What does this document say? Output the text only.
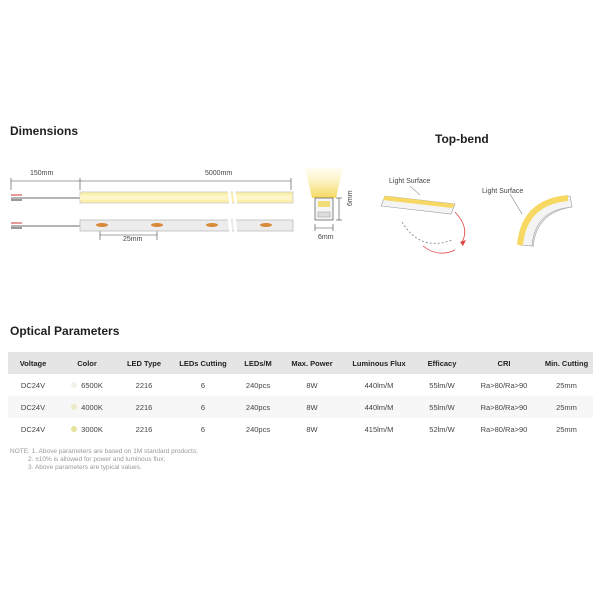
Dimensions
150mm	5000mm
25mm	6mm
6mm
Top-bend
Light Surface
Light Surface
Optical Parameters
Voltage	Color	LED Type	LEDs Cutting	LEDs/M	Max. Power	Luminous Flux	Efficacy	CRI	Min. Cutting
DC24V	6500K	2216	6	240pcs	8W	440lm/M	55lm/W	Ra>80/Ra>90	25mm
DC24V	4000K	2216	6	240pcs	8W	440lm/M	55lm/W	Ra>80/Ra>90	25mm
DC24V	3000K	2216	6	240pcs	8W	415lm/M	52lm/W	Ra>80/Ra>90	25mm
NOTE: 1. Above parameters are based on 1M standard products;
2. ±10% is allowed for power and luminous flux;
3. Above parameters are typical values.
